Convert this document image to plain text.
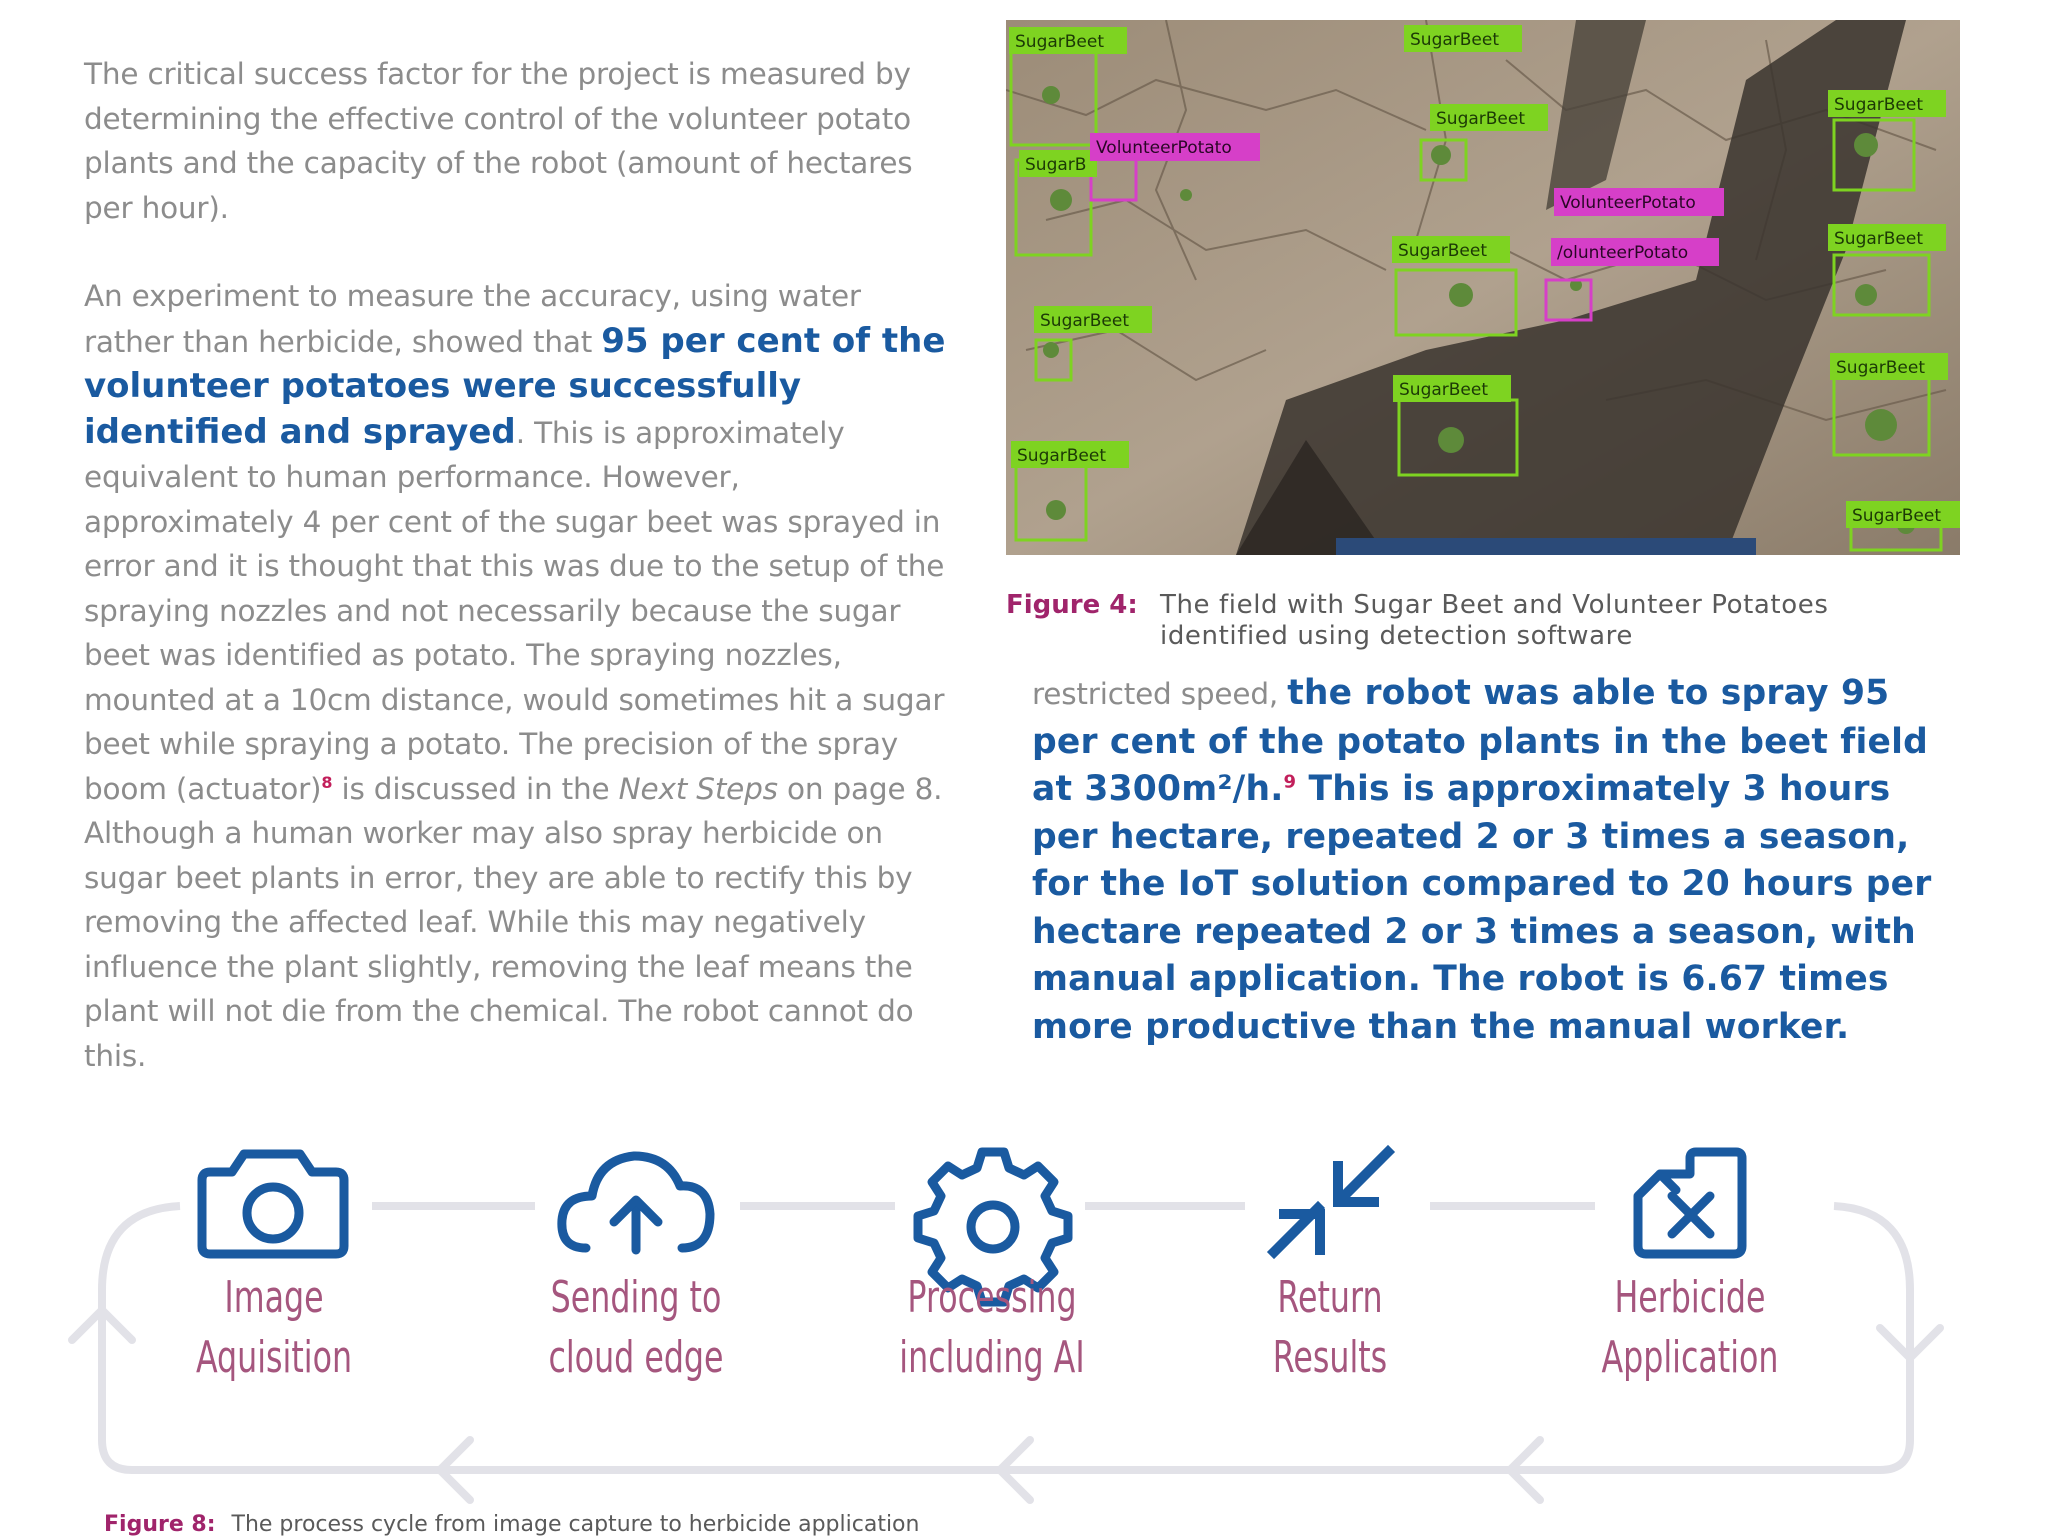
The critical success factor for the project is measured by determining the effective control of the volunteer potato plants and the capacity of the robot (amount of hectares per hour).

An experiment to measure the accuracy, using water rather than herbicide, showed that 95 per cent of the volunteer potatoes were successfully identified and sprayed. This is approximately equivalent to human performance. However, approximately 4 per cent of the sugar beet was sprayed in error and it is thought that this was due to the setup of the spraying nozzles and not necessarily because the sugar beet was identified as potato. The spraying nozzles, mounted at a 10cm distance, would sometimes hit a sugar beet while spraying a potato. The precision of the spray boom (actuator)$^8$ is discussed in the Next Steps on page 8. Although a human worker may also spray herbicide on sugar beet plants in error, they are able to rectify this by removing the affected leaf. While this may negatively influence the plant slightly, removing the leaf means the plant will not die from the chemical. The robot cannot do this.

SugarBeet	SugarBeet
SugarBeet
SugarB
SugarBeet
SugarBeet
SugarBeet
SugarBeet
SugarBeet
SugarBeet
SugarBeet
SugarBeet
VolunteerPotato
VolunteerPotato
/olunteerPotato
Figure 4: The field with Sugar Beet and Volunteer Potatoes identified using detection software
restricted speed, the robot was able to spray 95 per cent of the potato plants in the beet field at 3300m²/h.$^9$ This is approximately 3 hours per hectare, repeated 2 or 3 times a season, for the IoT solution compared to 20 hours per hectare repeated 2 or 3 times a season, with manual application. The robot is 6.67 times more productive than the manual worker.
Image
Aquisition
Sending to
cloud edge
Processing
including AI
Return
Results
Herbicide
Application
Figure 8: The process cycle from image capture to herbicide application
